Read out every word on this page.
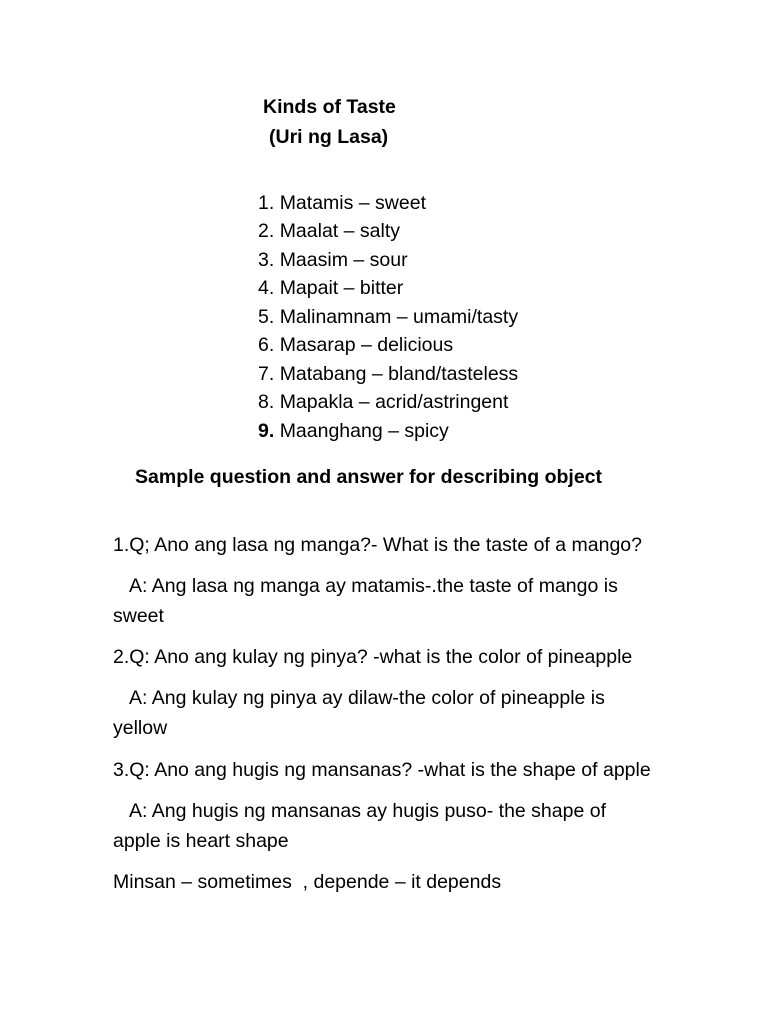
Kinds of Taste
(Uri ng Lasa)
1. Matamis – sweet
2. Maalat – salty
3. Maasim – sour
4. Mapait – bitter
5. Malinamnam – umami/tasty
6. Masarap – delicious
7. Matabang – bland/tasteless
8. Mapakla – acrid/astringent
9. Maanghang – spicy
Sample question and answer for describing object
1.Q; Ano ang lasa ng manga?- What is the taste of a mango?
A: Ang lasa ng manga ay matamis-.the taste of mango is
sweet
2.Q: Ano ang kulay ng pinya? -what is the color of pineapple
A: Ang kulay ng pinya ay dilaw-the color of pineapple is
yellow
3.Q: Ano ang hugis ng mansanas? -what is the shape of apple
A: Ang hugis ng mansanas ay hugis puso- the shape of
apple is heart shape
Minsan – sometimes  , depende – it depends
